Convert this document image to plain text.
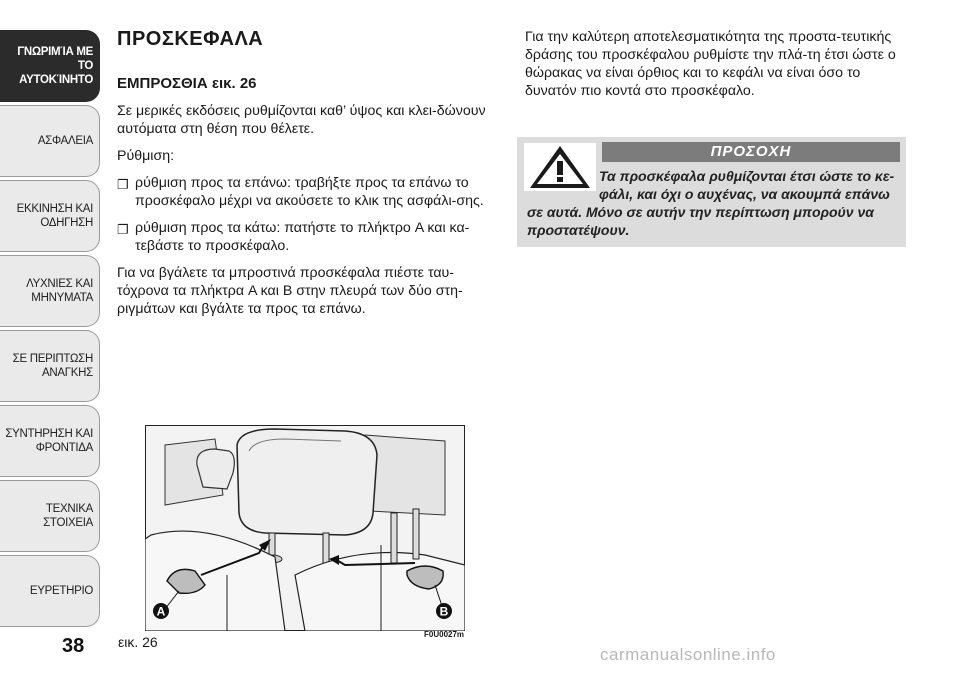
ΓΝΩΡΙΜΊΑ ΜΕ ΤΟ
ΑΥΤΟΚΊΝΗΤΟ
ΑΣΦΑΛΕΙΑ
ΕΚΚΙΝΗΣΗ ΚΑΙ
ΟΔΗΓΗΣΗ
ΛΥΧΝΙΕΣ ΚΑΙ
ΜΗΝΥΜΑΤΑ
ΣΕ ΠΕΡΙΠΤΩΣΗ
ΑΝΑΓΚΗΣ
ΣΥΝΤΗΡΗΣΗ ΚΑΙ
ΦΡΟΝΤΙΔΑ
ΤΕΧΝΙΚΑ ΣΤΟΙΧΕΙΑ
ΕΥΡΕΤΗΡΙΟ
38
ΠΡΟΣΚΕΦΑΛΑ
ΕΜΠΡΟΣΘΙΑ εικ. 26

Σε μερικές εκδόσεις ρυθμίζονται καθ’ ύψος και κλει-δώνουν αυτόματα στη θέση που θέλετε.

Ρύθμιση:

❐ ρύθμιση προς τα επάνω: τραβήξτε προς τα επάνω το προσκέφαλο μέχρι να ακούσετε το κλικ της ασφάλι-σης.
❐ ρύθμιση προς τα κάτω: πατήστε το πλήκτρο A και κα-τεβάστε το προσκέφαλο.

Για να βγάλετε τα μπροστινά προσκέφαλα πιέστε ταυ-τόχρονα τα πλήκτρα A και B στην πλευρά των δύο στη-ριγμάτων και βγάλτε τα προς τα επάνω.

Για την καλύτερη αποτελεσματικότητα της προστα-τευτικής δράσης του προσκέφαλου ρυθμίστε την πλά-τη έτσι ώστε ο θώρακας να είναι όρθιος και το κεφάλι να είναι όσο το δυνατόν πιο κοντά στο προσκέφαλο.

ΠΡΟΣΟΧΗ
Τα προσκέφαλα ρυθμίζονται έτσι ώστε το κε-
φάλι, και όχι ο αυχένας, να ακουμπά επάνω
σε αυτά. Μόνο σε αυτήν την περίπτωση μπορούν να
προστατέψουν.
A	B
εικ. 26	F0U0027m
carmanualsonline.info
